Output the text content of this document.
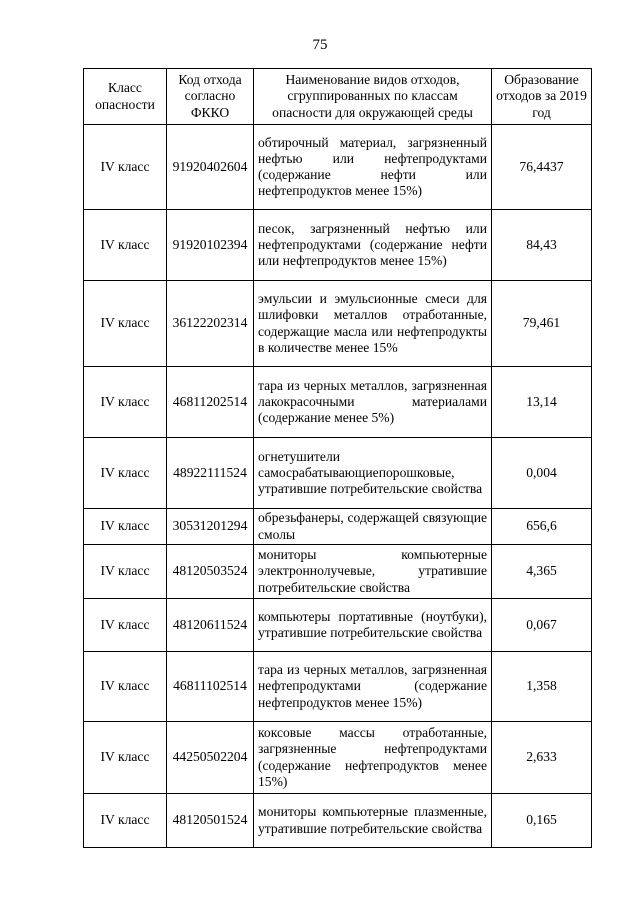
75
Класс опасности	Код отхода согласно ФККО	Наименование видов отходов, сгруппированных по классам опасности для окружающей среды	Образование отходов за 2019 год
IV класс	91920402604	обтирочный материал, загрязненный нефтью или нефтепродуктами (содержание нефти или нефтепродуктов менее 15%)	76,4437
IV класс	91920102394	песок, загрязненный нефтью или нефтепродуктами (содержание нефти или нефтепродуктов менее 15%)	84,43
IV класс	36122202314	эмульсии и эмульсионные смеси для шлифовки металлов отработанные, содержащие масла или нефтепродукты в количестве менее 15%	79,461
IV класс	46811202514	тара из черных металлов, загрязненная лакокрасочными материалами (содержание менее 5%)	13,14
IV класс	48922111524	огнетушители самосрабатывающиепорошковые, утратившие потребительские свойства	0,004
IV класс	30531201294	обрезьфанеры, содержащей связующие смолы	656,6
IV класс	48120503524	мониторы компьютерные электроннолучевые, утратившие потребительские свойства	4,365
IV класс	48120611524	компьютеры портативные (ноутбуки), утратившие потребительские свойства	0,067
IV класс	46811102514	тара из черных металлов, загрязненная нефтепродуктами (содержание нефтепродуктов менее 15%)	1,358
IV класс	44250502204	коксовые массы отработанные, загрязненные нефтепродуктами (содержание нефтепродуктов менее 15%)	2,633
IV класс	48120501524	мониторы компьютерные плазменные, утратившие потребительские свойства	0,165
